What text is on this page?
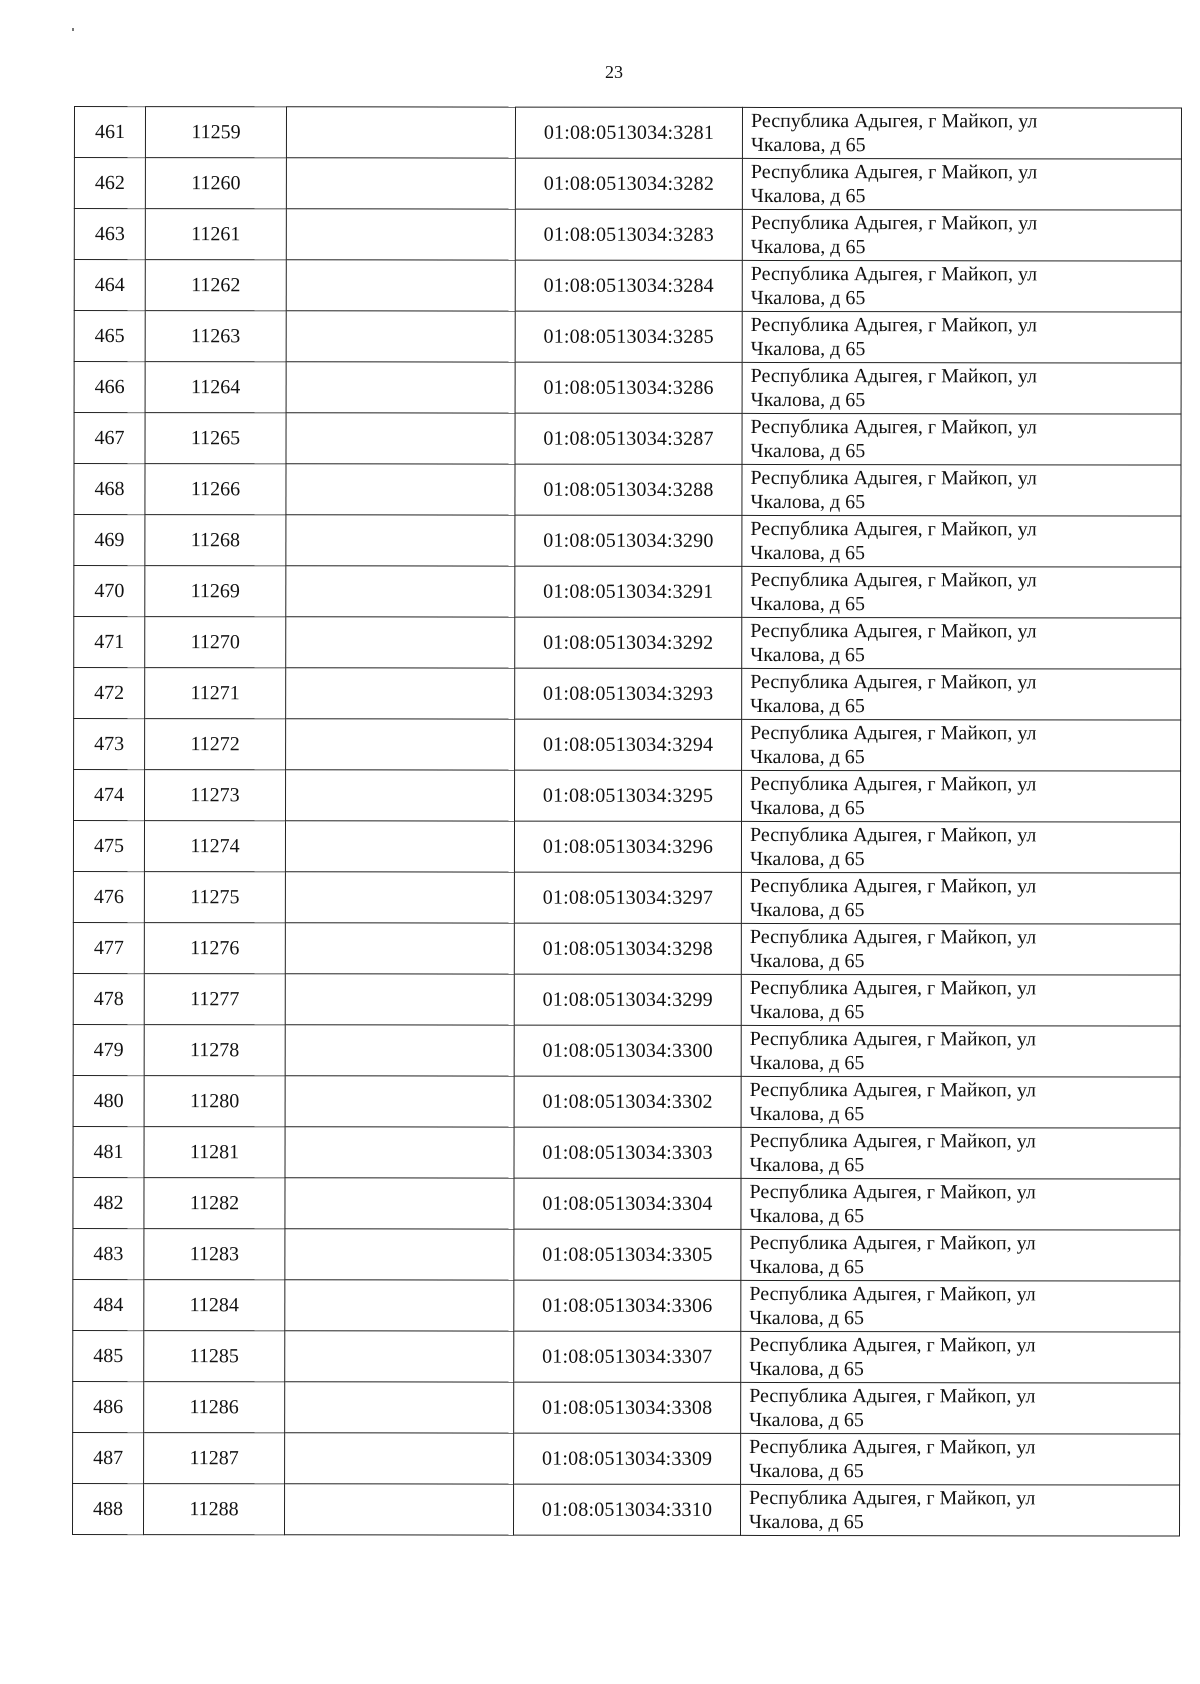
23
461	11259		01:08:0513034:3281	Республика Адыгея, г Майкоп, ул
Чкалова, д 65

462	11260		01:08:0513034:3282	Республика Адыгея, г Майкоп, ул
Чкалова, д 65

463	11261		01:08:0513034:3283	Республика Адыгея, г Майкоп, ул
Чкалова, д 65

464	11262		01:08:0513034:3284	Республика Адыгея, г Майкоп, ул
Чкалова, д 65

465	11263		01:08:0513034:3285	Республика Адыгея, г Майкоп, ул
Чкалова, д 65

466	11264		01:08:0513034:3286	Республика Адыгея, г Майкоп, ул
Чкалова, д 65

467	11265		01:08:0513034:3287	Республика Адыгея, г Майкоп, ул
Чкалова, д 65

468	11266		01:08:0513034:3288	Республика Адыгея, г Майкоп, ул
Чкалова, д 65

469	11268		01:08:0513034:3290	Республика Адыгея, г Майкоп, ул
Чкалова, д 65

470	11269		01:08:0513034:3291	Республика Адыгея, г Майкоп, ул
Чкалова, д 65

471	11270		01:08:0513034:3292	Республика Адыгея, г Майкоп, ул
Чкалова, д 65

472	11271		01:08:0513034:3293	Республика Адыгея, г Майкоп, ул
Чкалова, д 65

473	11272		01:08:0513034:3294	Республика Адыгея, г Майкоп, ул
Чкалова, д 65

474	11273		01:08:0513034:3295	Республика Адыгея, г Майкоп, ул
Чкалова, д 65

475	11274		01:08:0513034:3296	Республика Адыгея, г Майкоп, ул
Чкалова, д 65

476	11275		01:08:0513034:3297	Республика Адыгея, г Майкоп, ул
Чкалова, д 65

477	11276		01:08:0513034:3298	Республика Адыгея, г Майкоп, ул
Чкалова, д 65

478	11277		01:08:0513034:3299	Республика Адыгея, г Майкоп, ул
Чкалова, д 65

479	11278		01:08:0513034:3300	Республика Адыгея, г Майкоп, ул
Чкалова, д 65

480	11280		01:08:0513034:3302	Республика Адыгея, г Майкоп, ул
Чкалова, д 65

481	11281		01:08:0513034:3303	Республика Адыгея, г Майкоп, ул
Чкалова, д 65

482	11282		01:08:0513034:3304	Республика Адыгея, г Майкоп, ул
Чкалова, д 65

483	11283		01:08:0513034:3305	Республика Адыгея, г Майкоп, ул
Чкалова, д 65

484	11284		01:08:0513034:3306	Республика Адыгея, г Майкоп, ул
Чкалова, д 65

485	11285		01:08:0513034:3307	Республика Адыгея, г Майкоп, ул
Чкалова, д 65

486	11286		01:08:0513034:3308	Республика Адыгея, г Майкоп, ул
Чкалова, д 65

487	11287		01:08:0513034:3309	Республика Адыгея, г Майкоп, ул
Чкалова, д 65

488	11288		01:08:0513034:3310	Республика Адыгея, г Майкоп, ул
Чкалова, д 65
